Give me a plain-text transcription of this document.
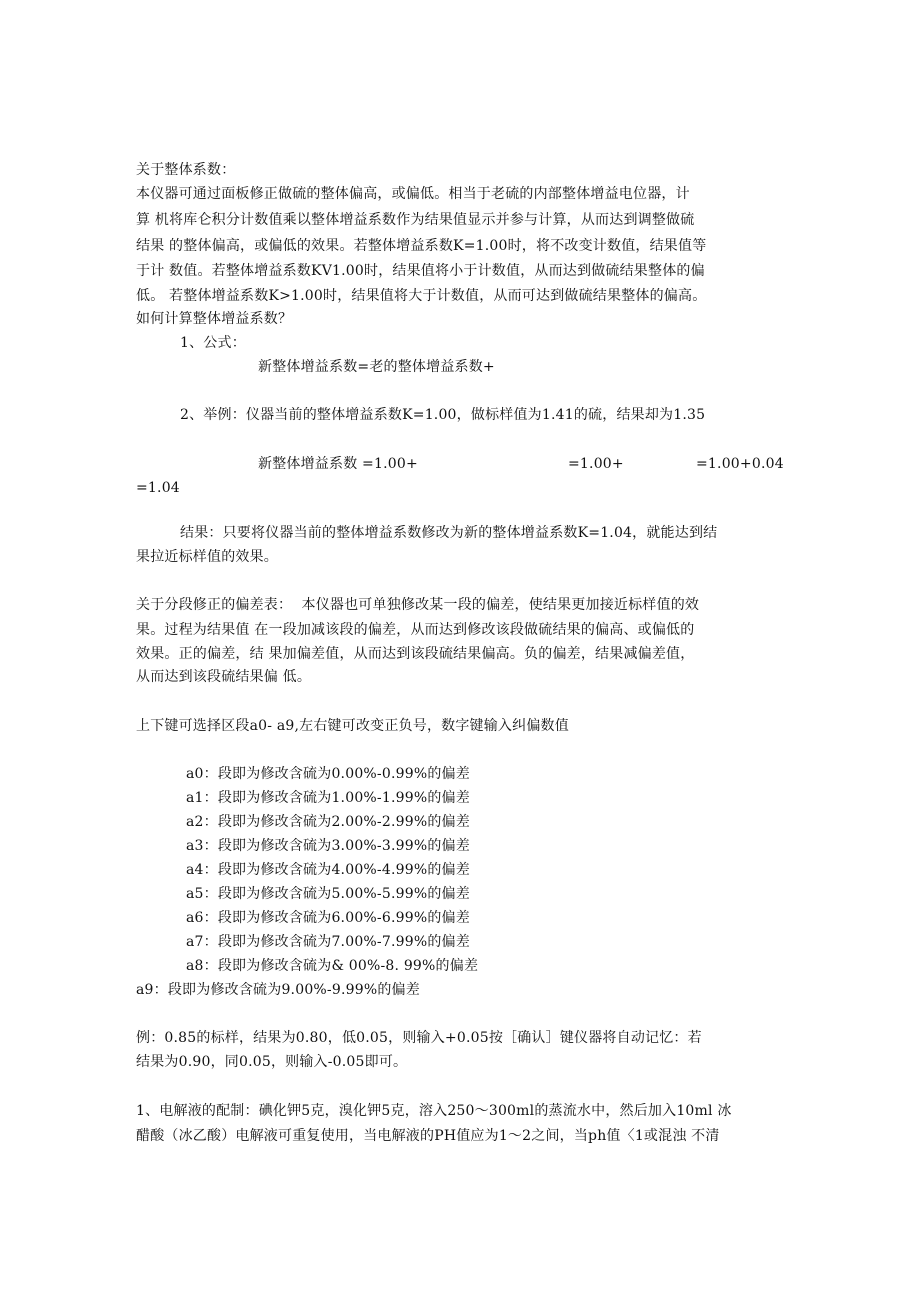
关于整体系数：
本仪器可通过面板修正做硫的整体偏高，或偏低。相当于老硫的内部整体增益电位器，计
算 机将库仑积分计数值乘以整体增益系数作为结果值显示并参与计算，从而达到调整做硫
结果 的整体偏高，或偏低的效果。若整体增益系数K=1.00时，将不改变计数值，结果值等
于计 数值。若整体增益系数KV1.00时，结果值将小于计数值，从而达到做硫结果整体的偏
低。 若整体增益系数K>1.00时，结果值将大于计数值，从而可达到做硫结果整体的偏高。
如何计算整体增益系数？
1、公式：
新整体增益系数=老的整体增益系数+
2、举例：仪器当前的整体增益系数K=1.00，做标样值为1.41的硫，结果却为1.35
新整体增益系数 =1.00+	=1.00+	=1.00+0.04
=1.04
结果：只要将仪器当前的整体增益系数修改为新的整体增益系数K=1.04，就能达到结
果拉近标样值的效果。
关于分段修正的偏差表：  本仪器也可单独修改某一段的偏差，使结果更加接近标样值的效
果。过程为结果值 在一段加减该段的偏差，从而达到修改该段做硫结果的偏高、或偏低的
效果。正的偏差，结 果加偏差值，从而达到该段硫结果偏高。负的偏差，结果减偏差值，
从而达到该段硫结果偏 低。
上下键可选择区段a0- a9,左右键可改变正负号，数字键输入纠偏数值
a0：段即为修改含硫为0.00%-0.99%的偏差
a1：段即为修改含硫为1.00%-1.99%的偏差
a2：段即为修改含硫为2.00%-2.99%的偏差
a3：段即为修改含硫为3.00%-3.99%的偏差
a4：段即为修改含硫为4.00%-4.99%的偏差
a5：段即为修改含硫为5.00%-5.99%的偏差
a6：段即为修改含硫为6.00%-6.99%的偏差
a7：段即为修改含硫为7.00%-7.99%的偏差
a8：段即为修改含硫为& 00%-8. 99%的偏差
a9：段即为修改含硫为9.00%-9.99%的偏差
例：0.85的标样，结果为0.80，低0.05，则输入+0.05按［确认］键仪器将自动记忆：若
结果为0.90，同0.05，则输入-0.05即可。
1、电解液的配制：碘化钾5克，溴化钾5克，溶入250〜300ml的蒸流水中，然后加入10ml 冰
醋酸（冰乙酸）电解液可重复使用，当电解液的PH值应为1〜2之间，当ph值〈1或混浊 不清
